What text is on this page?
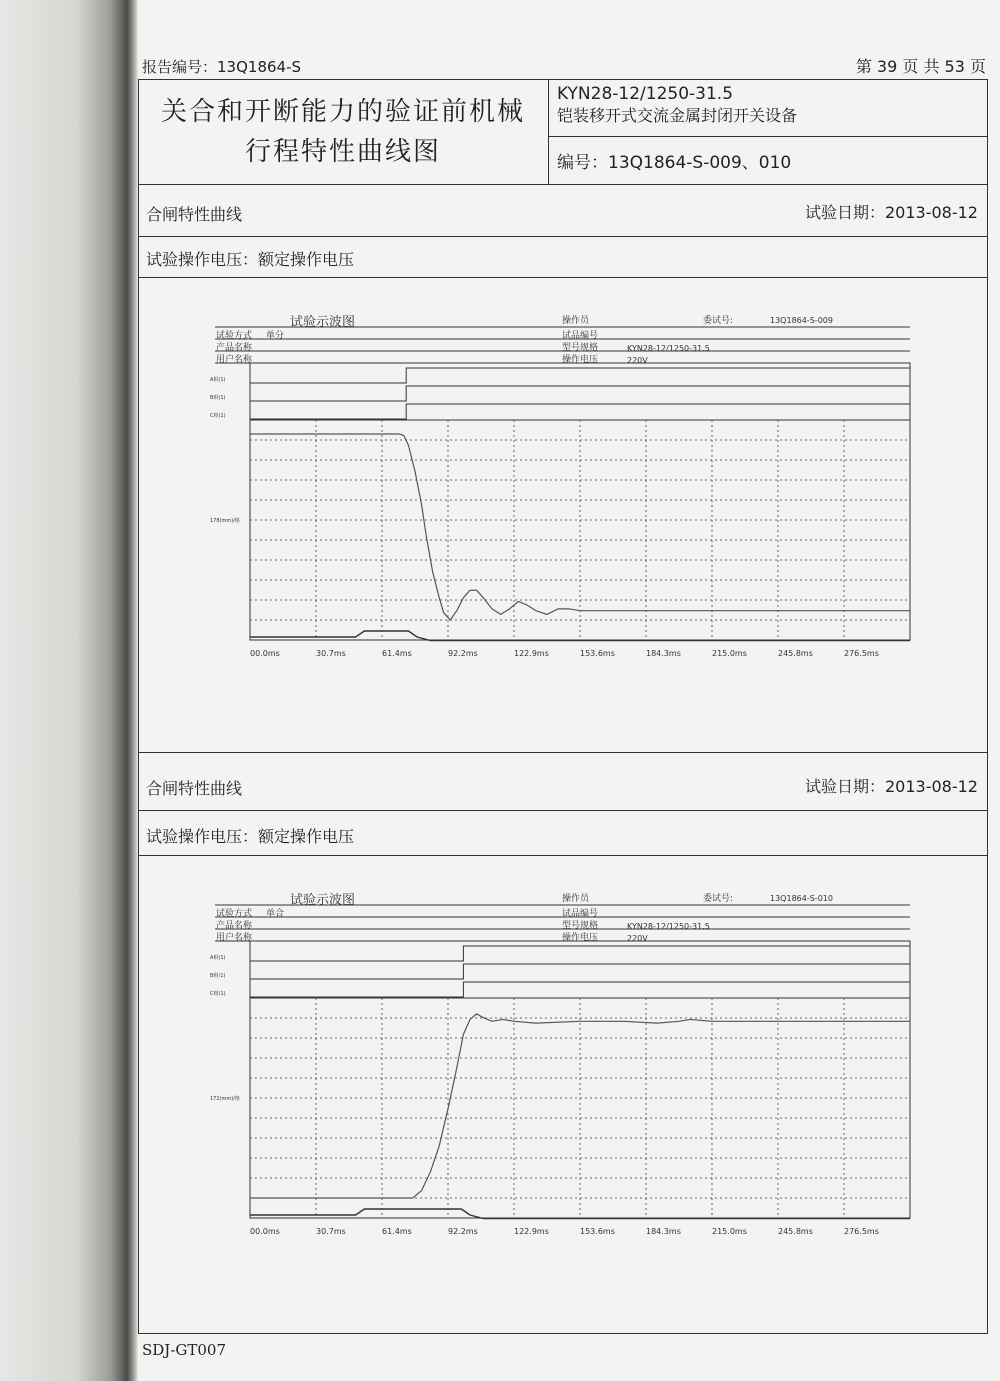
报告编号：13Q1864-S	第 39 页 共 53 页
关合和开断能力的验证前机械
行程特性曲线图
KYN28-12/1250-31.5
铠装移开式交流金属封闭开关设备
编号：13Q1864-S-009、010
合闸特性曲线	试验日期：2013-08-12
试验操作电压：额定操作电压
试验示波图	操作员	委试号:	13Q1864-S-009
试验方式 单分	试品编号
产品名称	型号规格	KYN28-12/1250-31.5
用户名称	操作电压	220V
A相(1)
B相(1)
C相(1)
178(mm)/格
00.0ms	30.7ms	61.4ms	92.2ms	122.9ms	153.6ms	184.3ms	215.0ms	245.8ms	276.5ms
合闸特性曲线	试验日期：2013-08-12
试验操作电压：额定操作电压
试验示波图	操作员	委试号:	13Q1864-S-010
试验方式 单合	试品编号
产品名称	型号规格	KYN28-12/1250-31.5
用户名称	操作电压	220V
A相(1)
B相(1)
C相(1)
172(mm)/格
00.0ms	30.7ms	61.4ms	92.2ms	122.9ms	153.6ms	184.3ms	215.0ms	245.8ms	276.5ms
SDJ-GT007
